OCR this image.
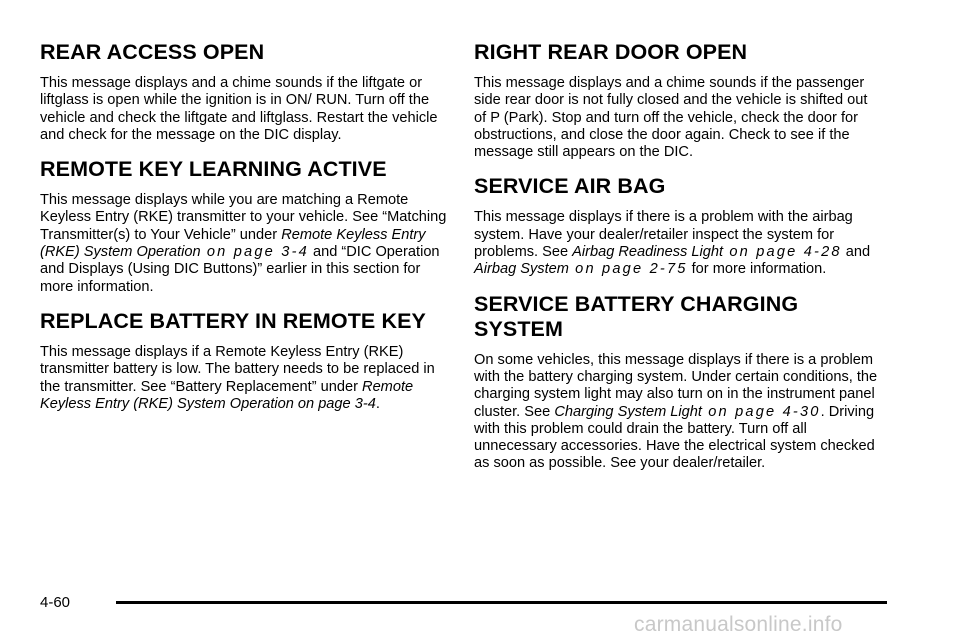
REAR ACCESS OPEN

This message displays and a chime sounds if the liftgate or liftglass is open while the ignition is in ON/ RUN. Turn off the vehicle and check the liftgate and liftglass. Restart the vehicle and check for the message on the DIC display.

REMOTE KEY LEARNING ACTIVE

This message displays while you are matching a Remote Keyless Entry (RKE) transmitter to your vehicle. See “Matching Transmitter(s) to Your Vehicle” under Remote Keyless Entry (RKE) System Operation on page 3-4 and “DIC Operation and Displays (Using DIC Buttons)” earlier in this section for more information.

REPLACE BATTERY IN REMOTE KEY

This message displays if a Remote Keyless Entry (RKE) transmitter battery is low. The battery needs to be replaced in the transmitter. See “Battery Replacement” under Remote Keyless Entry (RKE) System Operation on page 3-4.

RIGHT REAR DOOR OPEN

This message displays and a chime sounds if the passenger side rear door is not fully closed and the vehicle is shifted out of P (Park). Stop and turn off the vehicle, check the door for obstructions, and close the door again. Check to see if the message still appears on the DIC.

SERVICE AIR BAG

This message displays if there is a problem with the airbag system. Have your dealer/retailer inspect the system for problems. See Airbag Readiness Light on page 4-28 and Airbag System on page 2-75 for more information.

SERVICE BATTERY CHARGING SYSTEM

On some vehicles, this message displays if there is a problem with the battery charging system. Under certain conditions, the charging system light may also turn on in the instrument panel cluster. See Charging System Light on page 4-30. Driving with this problem could drain the battery. Turn off all unnecessary accessories. Have the electrical system checked as soon as possible. See your dealer/retailer.

4-60
carmanualsonline.info
